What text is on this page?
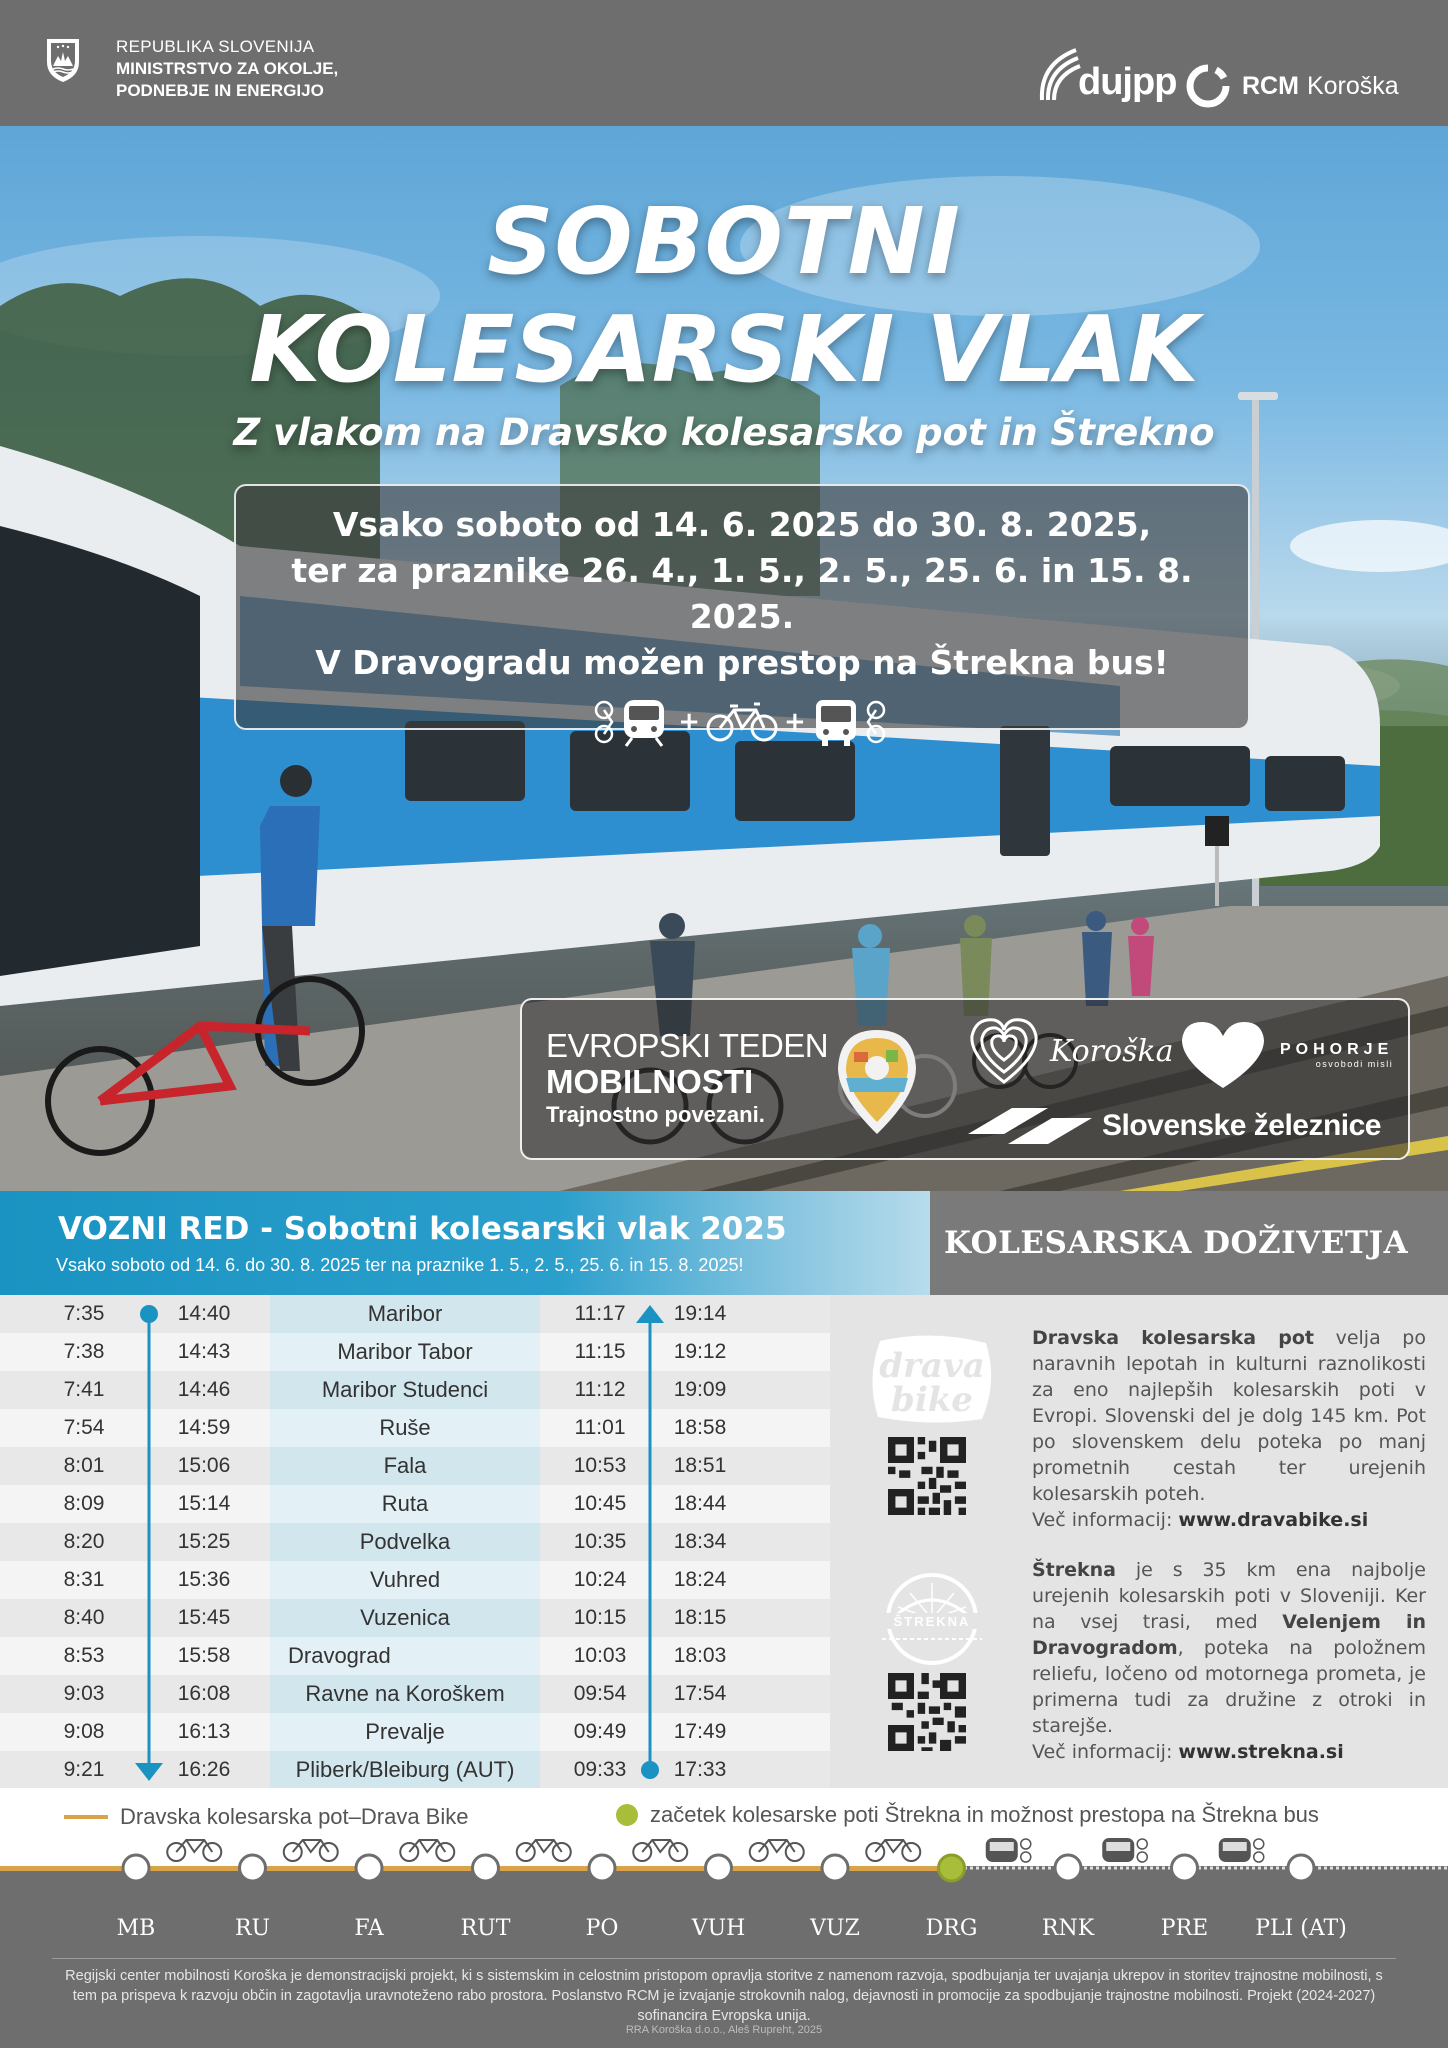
REPUBLIKA SLOVENIJA
MINISTRSTVO ZA OKOLJE,
PODNEBJE IN ENERGIJO	dujpp	RCM Koroška
SOBOTNI
KOLESARSKI VLAK
Z vlakom na Dravsko kolesarsko pot in Štrekno
Vsako soboto od 14. 6. 2025 do 30. 8. 2025,
ter za praznike 26. 4., 1. 5., 2. 5., 25. 6. in 15. 8. 2025.
V Dravogradu možen prestop na Štrekna bus!
+	+
EVROPSKI TEDEN
MOBILNOSTI
Trajnostno povezani.
Koroška	POHORJE
osvobodi misli
Slovenske železnice
VOZNI RED - Sobotni kolesarski vlak 2025
Vsako soboto od 14. 6. do 30. 8. 2025 ter na praznike 1. 5., 2. 5., 25. 6. in 15. 8. 2025!
KOLESARSKA DOŽIVETJA
7:35	14:40	Maribor	11:17	19:14
7:38	14:43	Maribor Tabor	11:15	19:12
7:41	14:46	Maribor Studenci	11:12	19:09
7:54	14:59	Ruše	11:01	18:58
8:01	15:06	Fala	10:53	18:51
8:09	15:14	Ruta	10:45	18:44
8:20	15:25	Podvelka	10:35	18:34
8:31	15:36	Vuhred	10:24	18:24
8:40	15:45	Vuzenica	10:15	18:15
8:53	15:58	Dravograd	10:03	18:03
9:03	16:08	Ravne na Koroškem	09:54	17:54
9:08	16:13	Prevalje	09:49	17:49
9:21	16:26	Pliberk/Bleiburg (AUT)	09:33	17:33
drava
bike
ŠTREKNA
Dravska kolesarska pot velja po naravnih lepotah in kulturni raznolikosti za eno najlepših kolesarskih poti v Evropi. Slovenski del je dolg 145 km. Pot po slovenskem delu poteka po manj prometnih cestah ter urejenih kolesarskih poteh.
Več informacij: www.dravabike.si
Štrekna je s 35 km ena najbolje urejenih kolesarskih poti v Sloveniji. Ker na vsej trasi, med Velenjem in Dravogradom, poteka na položnem reliefu, ločeno od motornega prometa, je primerna tudi za družine z otroki in starejše.
Več informacij: www.strekna.si
Dravska kolesarska pot–Drava Bike	začetek kolesarske poti Štrekna in možnost prestopa na Štrekna bus
MB	RU	FA	RUT	PO	VUH	VUZ	DRG	RNK	PRE	PLI (AT)
Regijski center mobilnosti Koroška je demonstracijski projekt, ki s sistemskim in celostnim pristopom opravlja storitve z namenom razvoja, spodbujanja ter uvajanja ukrepov in storitev trajnostne mobilnosti, s tem pa prispeva k razvoju občin in zagotavlja uravnoteženo rabo prostora. Poslanstvo RCM je izvajanje strokovnih nalog, dejavnosti in promocije za spodbujanje trajnostne mobilnosti. Projekt (2024-2027) sofinancira Evropska unija.
RRA Koroška d.o.o., Aleš Rupreht, 2025
